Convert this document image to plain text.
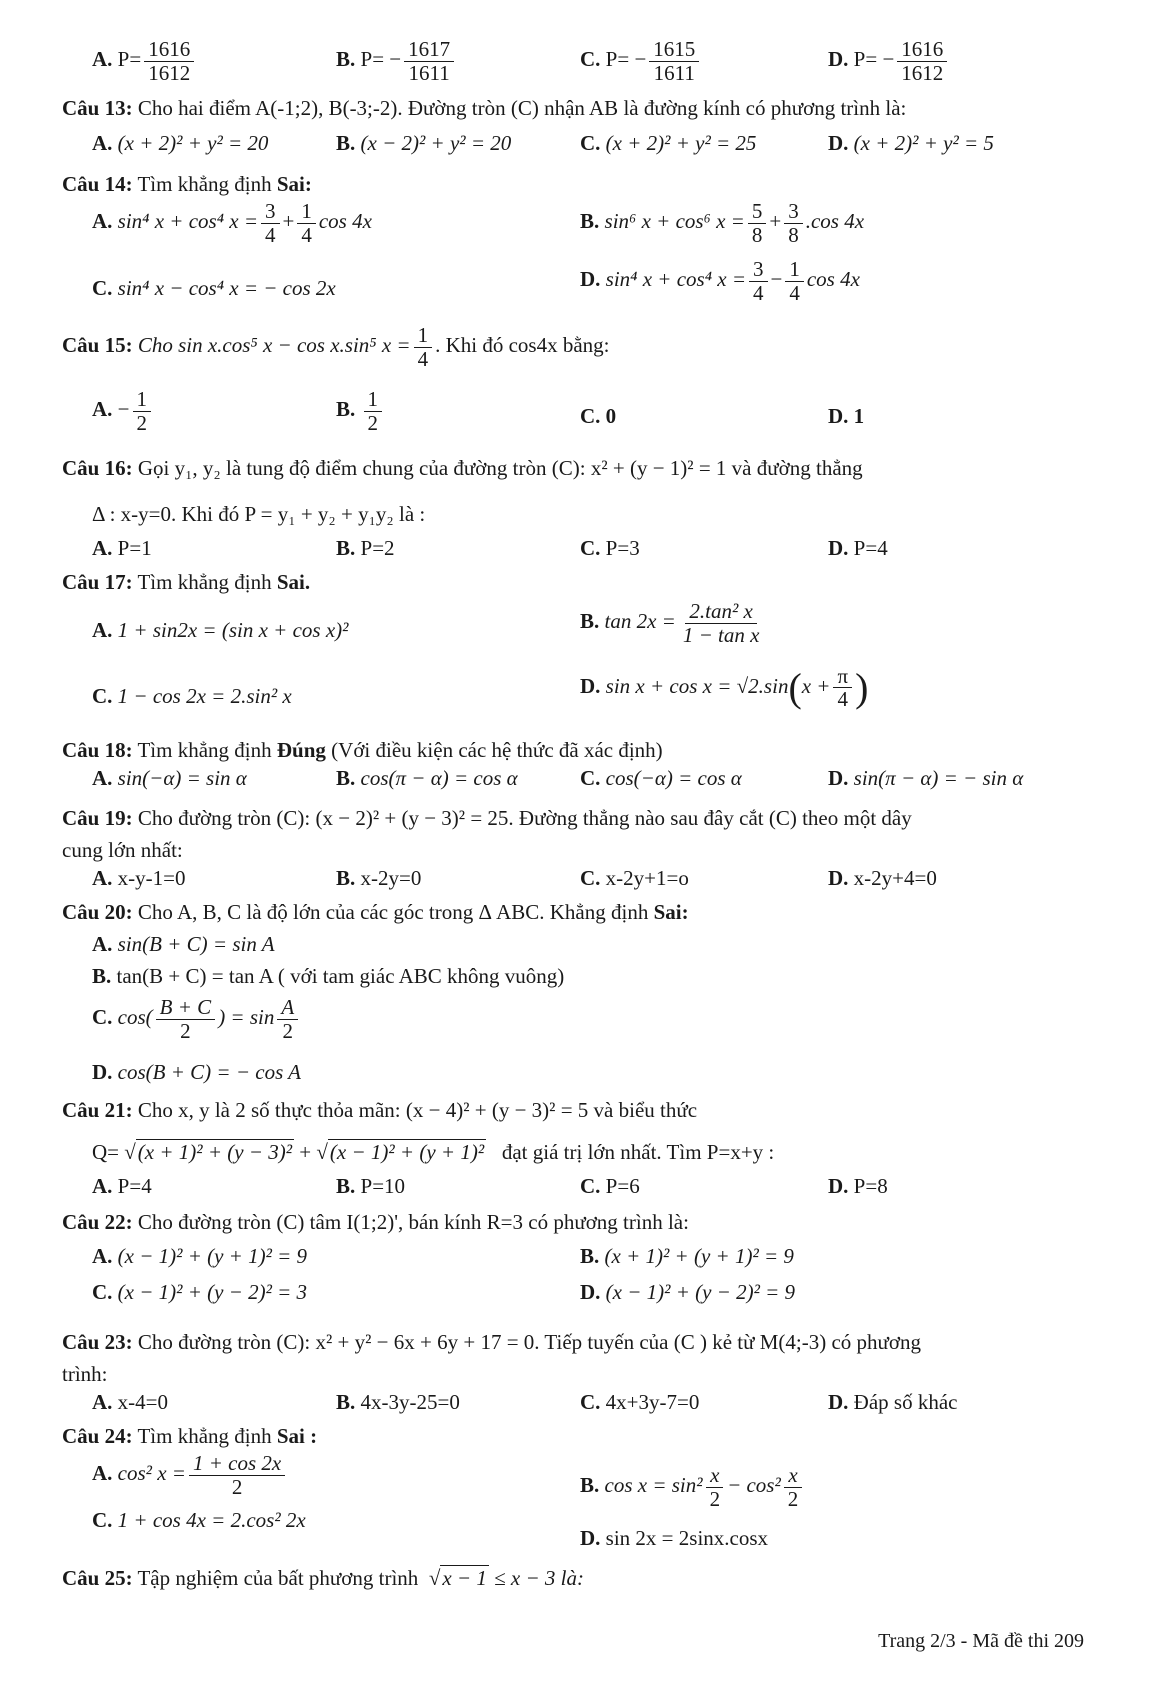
A. $P= \frac{1616}{1612}$	B. $P= - \frac{1617}{1611}$	C. $P= - \frac{1615}{1611}$	D. $P= - \frac{1616}{1612}$
Câu 13: Cho hai điểm A(-1;2), B(-3;-2). Đường tròn (C) nhận AB là đường kính có phương trình là:
A. (x + 2)² + y² = 20	B. (x − 2)² + y² = 20	C. (x + 2)² + y² = 25	D. (x + 2)² + y² = 5
Câu 14: Tìm khẳng định Sai:
A. sin⁴ x + cos⁴ $x = \frac{3}{4} + \frac{1}{4}$ cos 4x	B. sin⁶ x + cos⁶ $x = \frac{5}{8} + \frac{3}{8} .\cos$ 4x
C. sin⁴ x − cos⁴ x = − cos 2x	D. sin⁴ x + cos⁴ $x = \frac{3}{4} - \frac{1}{4}$ cos 4x
Câu 15: Cho sin x.cos⁵ x − cos x.sin⁵ $x = \frac{1}{4}$ . Khi đó cos4x bằng:
A. − $\frac{1}{2}$	B. $\frac{1}{2}$	C. 0	D. 1
Câu 16: Gọi y₁, y₂ là tung độ điểm chung của đường tròn (C): x² + (y − 1)² = 1 và đường thẳng
Δ : x-y=0. Khi đó P = y₁ + y₂ + y₁y₂ là :
A. P=1	B. P=2	C. P=3	D. P=4
Câu 17: Tìm khẳng định Sai.
A. 1 + sin2x = (sin x + cos x)²	B. $\tan 2x = \frac{\text{2.tan² x}}{\text{1 − tan x}}$
C. 1 − cos 2x = 2.sin² x	D. $\sin x + \cos x = √2.\sin(x + \frac{\pi}{4}$ )
Câu 18: Tìm khẳng định Đúng (Với điều kiện các hệ thức đã xác định)
A. sin(−α) = sin α	B. cos(π − α) = cos α	C. cos(−α) = cos α	D. sin(π − α) = − sin α
Câu 19: Cho đường tròn (C): (x − 2)² + (y − 3)² = 25. Đường thẳng nào sau đây cắt (C) theo một dây
cung lớn nhất:
A. x-y-1=0	B. x-2y=0	C. x-2y+1=o	D. x-2y+4=0
Câu 20: Cho A, B, C là độ lớn của các góc trong Δ ABC. Khẳng định Sai:
A. sin(B + C) = sin A
B. tan(B + C) = tan A ( với tam giác ABC không vuông)
C. $\cos( \frac{B + C}{2}$ ) = $\sin \frac{A}{2}$
D. cos(B + C) = − cos A
Câu 21: Cho x, y là 2 số thực thỏa mãn: (x − 4)² + (y − 3)² = 5 và biểu thức
Q= √(x + 1)² + (y − 3)² + √(x − 1)² + (y + 1)² đạt giá trị lớn nhất. Tìm P=x+y :
A. P=4	B. P=10	C. P=6	D. P=8
Câu 22: Cho đường tròn (C) tâm I(1;2)', bán kính R=3 có phương trình là:
A. (x − 1)² + (y + 1)² = 9	B. (x + 1)² + (y + 1)² = 9
C. (x − 1)² + (y − 2)² = 3	D. (x − 1)² + (y − 2)² = 9
Câu 23: Cho đường tròn (C): x² + y² − 6x + 6y + 17 = 0. Tiếp tuyến của (C ) kẻ từ M(4;-3) có phương
trình:
A. x-4=0	B. 4x-3y-25=0	C. 4x+3y-7=0	D. Đáp số khác
Câu 24: Tìm khẳng định Sai :
A. cos² $x = \frac{1 + \cos 2x}{2}$	B. $\cos x = \sin^2 \frac{x}{2} - \cos^2 \frac{x}{2}$
C. 1 + cos 4x = 2.cos² 2x
D. sin 2x = 2sinx.cosx
Câu 25: Tập nghiệm của bất phương trình  √x − 1 ≤ x − 3 là:
Trang 2/3 - Mã đề thi 209
